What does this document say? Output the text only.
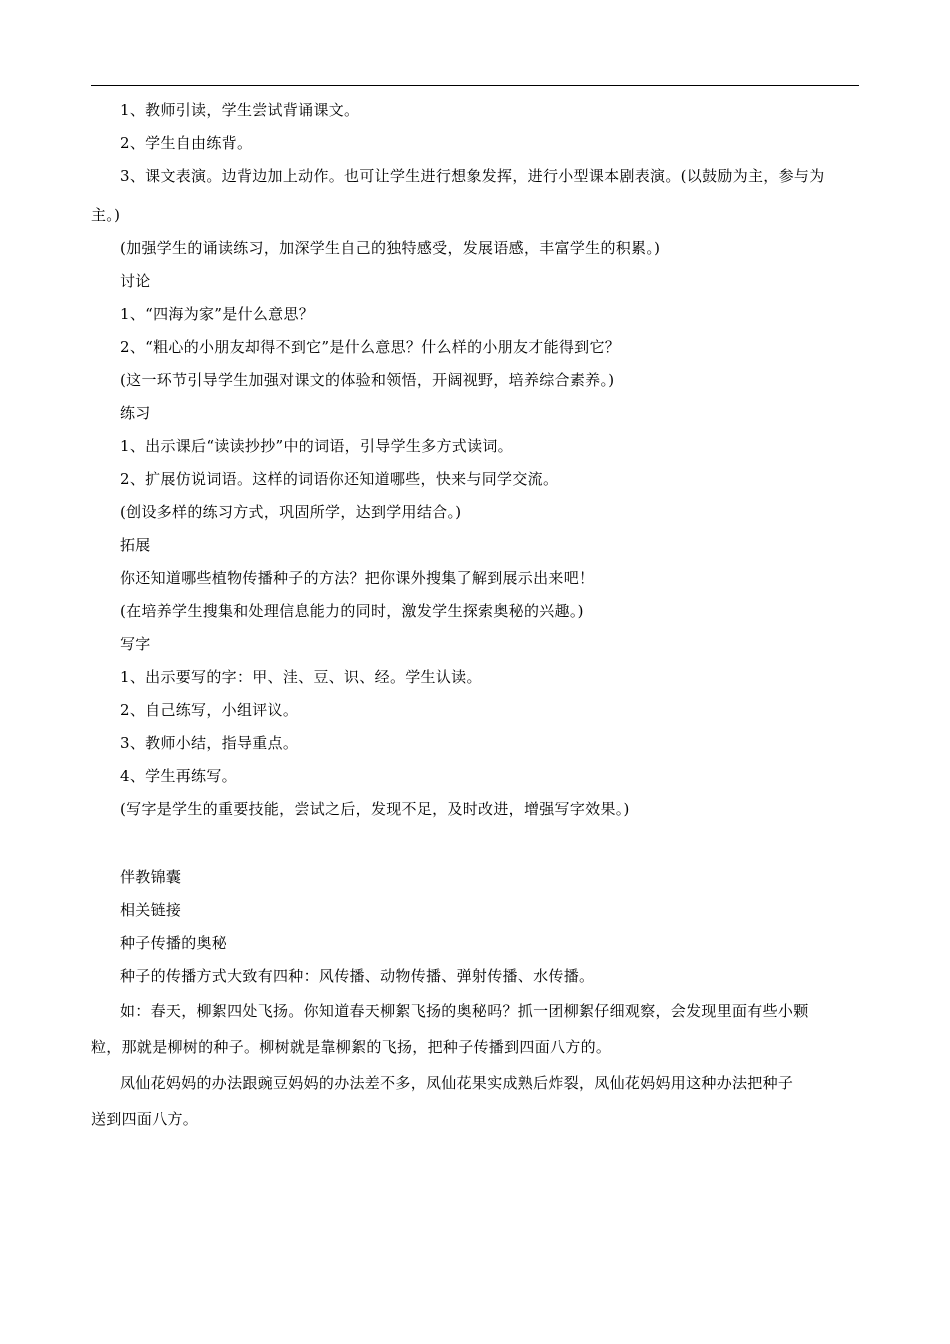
1、教师引读，学生尝试背诵课文。
2、学生自由练背。
3、课文表演。边背边加上动作。也可让学生进行想象发挥，进行小型课本剧表演。(以鼓励为主，参与为
主。)
(加强学生的诵读练习，加深学生自己的独特感受，发展语感，丰富学生的积累。)
讨论
1、“四海为家”是什么意思？
2、“粗心的小朋友却得不到它”是什么意思？什么样的小朋友才能得到它？
(这一环节引导学生加强对课文的体验和领悟，开阔视野，培养综合素养。)
练习
1、出示课后“读读抄抄”中的词语，引导学生多方式读词。
2、扩展仿说词语。这样的词语你还知道哪些，快来与同学交流。
(创设多样的练习方式，巩固所学，达到学用结合。)
拓展
你还知道哪些植物传播种子的方法？把你课外搜集了解到展示出来吧！
(在培养学生搜集和处理信息能力的同时，激发学生探索奥秘的兴趣。)
写字
1、出示要写的字：甲、洼、豆、识、经。学生认读。
2、自己练写，小组评议。
3、教师小结，指导重点。
4、学生再练写。
(写字是学生的重要技能，尝试之后，发现不足，及时改进，增强写字效果。)
伴教锦囊
相关链接
种子传播的奥秘
种子的传播方式大致有四种：风传播、动物传播、弹射传播、水传播。
如：春天，柳絮四处飞扬。你知道春天柳絮飞扬的奥秘吗？抓一团柳絮仔细观察，会发现里面有些小颗
粒，那就是柳树的种子。柳树就是靠柳絮的飞扬，把种子传播到四面八方的。
凤仙花妈妈的办法跟豌豆妈妈的办法差不多，凤仙花果实成熟后炸裂，凤仙花妈妈用这种办法把种子
送到四面八方。
